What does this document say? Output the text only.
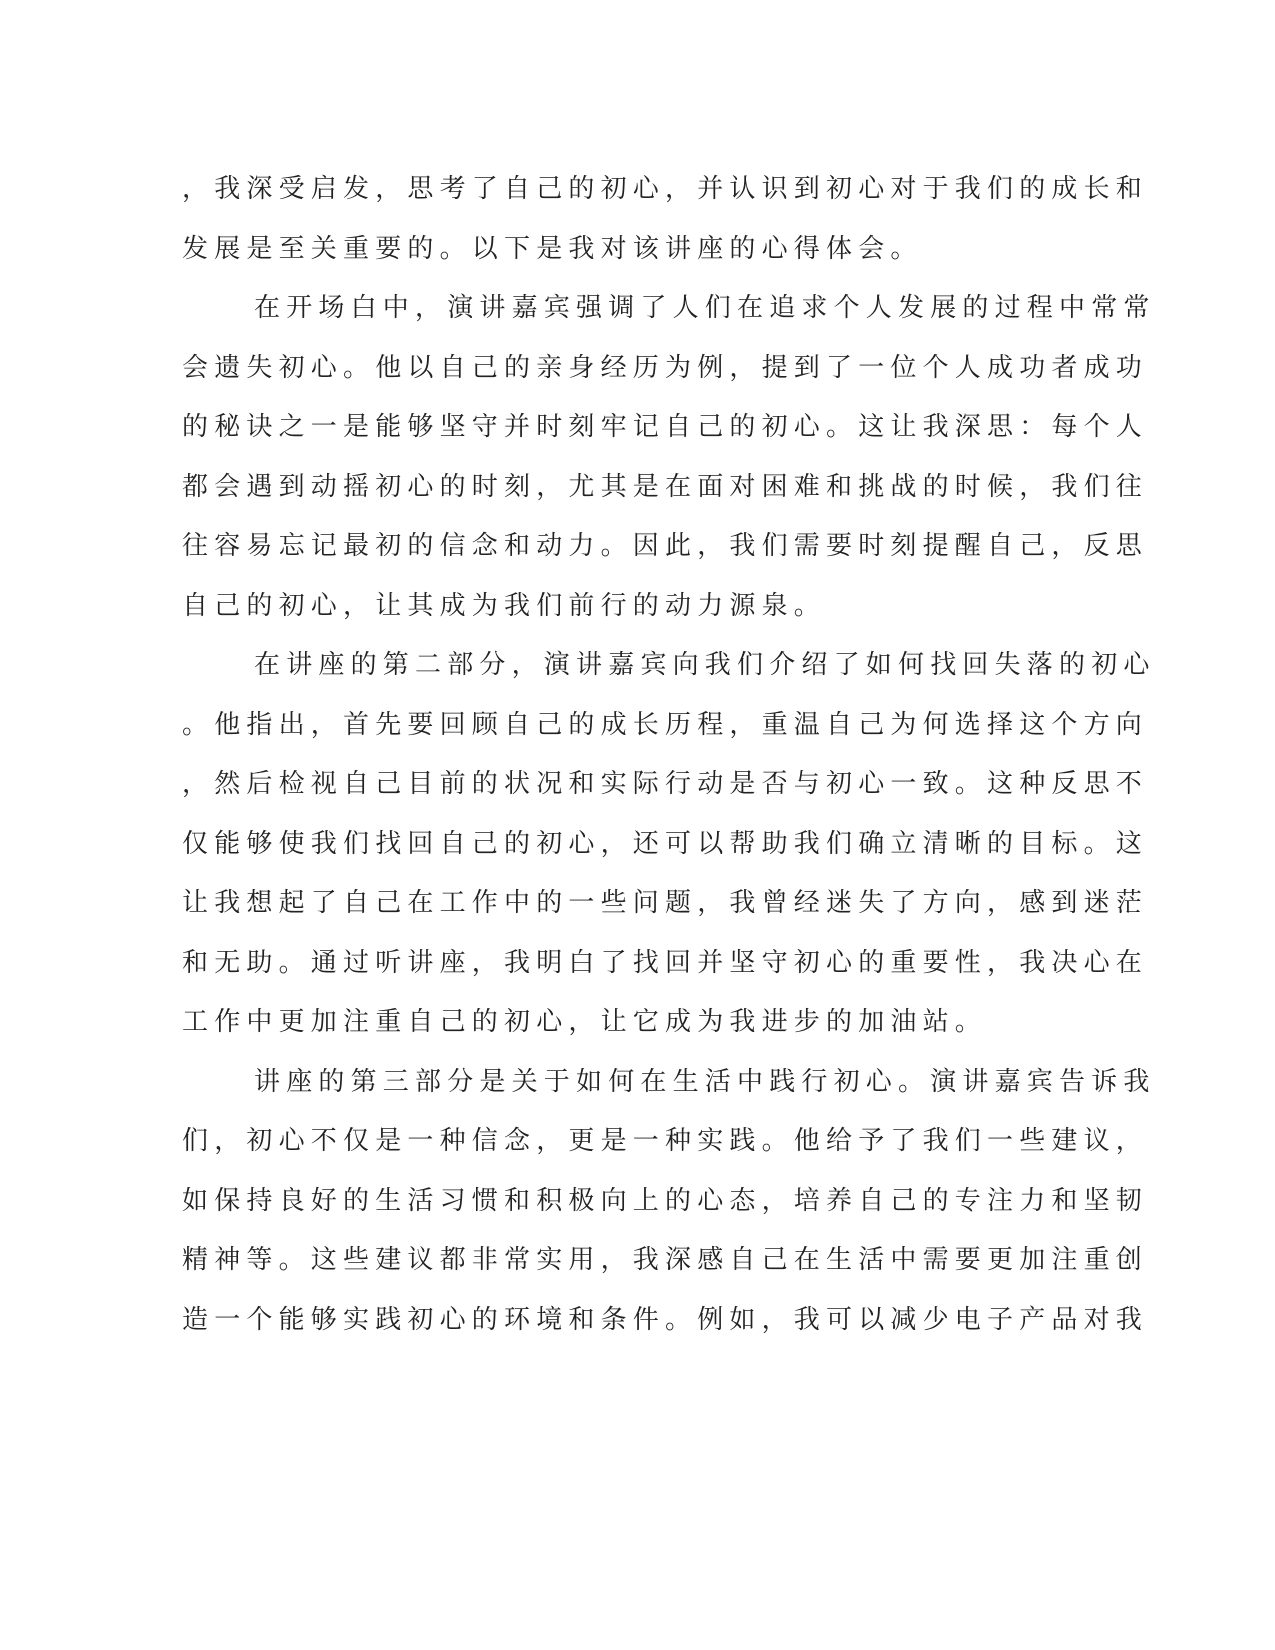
，我深受启发，思考了自己的初心，并认识到初心对于我们的成长和
发展是至关重要的。以下是我对该讲座的心得体会。
在开场白中，演讲嘉宾强调了人们在追求个人发展的过程中常常
会遗失初心。他以自己的亲身经历为例，提到了一位个人成功者成功
的秘诀之一是能够坚守并时刻牢记自己的初心。这让我深思：每个人
都会遇到动摇初心的时刻，尤其是在面对困难和挑战的时候，我们往
往容易忘记最初的信念和动力。因此，我们需要时刻提醒自己，反思
自己的初心，让其成为我们前行的动力源泉。
在讲座的第二部分，演讲嘉宾向我们介绍了如何找回失落的初心
。他指出，首先要回顾自己的成长历程，重温自己为何选择这个方向
，然后检视自己目前的状况和实际行动是否与初心一致。这种反思不
仅能够使我们找回自己的初心，还可以帮助我们确立清晰的目标。这
让我想起了自己在工作中的一些问题，我曾经迷失了方向，感到迷茫
和无助。通过听讲座，我明白了找回并坚守初心的重要性，我决心在
工作中更加注重自己的初心，让它成为我进步的加油站。
讲座的第三部分是关于如何在生活中践行初心。演讲嘉宾告诉我
们，初心不仅是一种信念，更是一种实践。他给予了我们一些建议，
如保持良好的生活习惯和积极向上的心态，培养自己的专注力和坚韧
精神等。这些建议都非常实用，我深感自己在生活中需要更加注重创
造一个能够实践初心的环境和条件。例如，我可以减少电子产品对我
